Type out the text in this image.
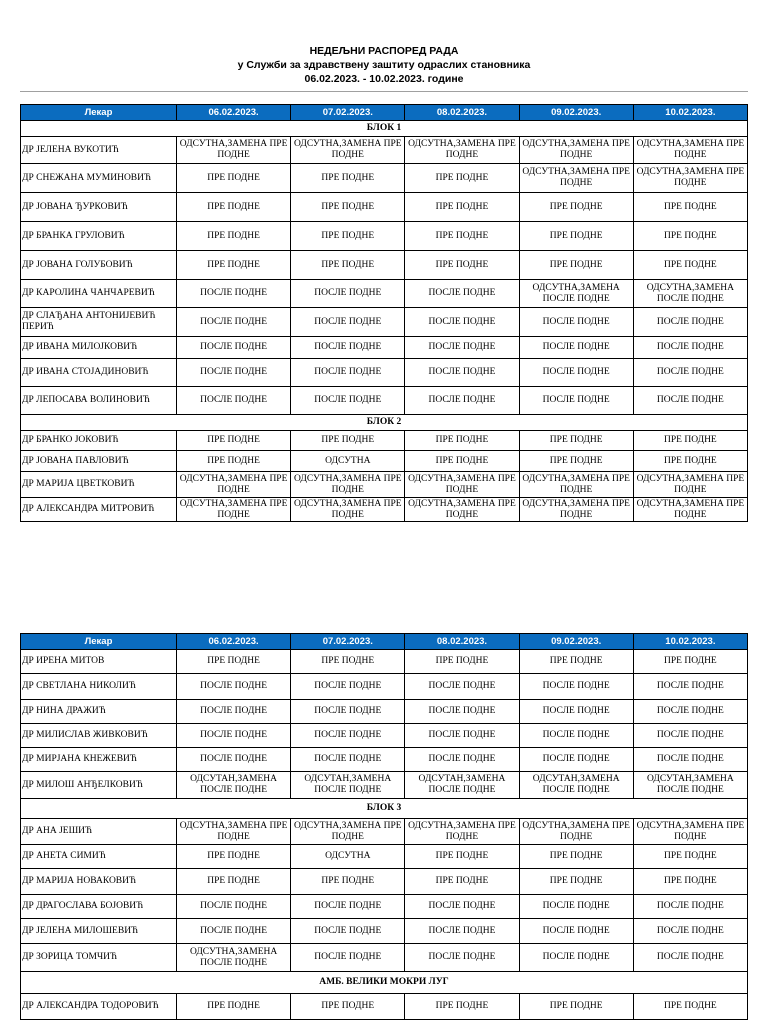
НЕДЕЉНИ РАСПОРЕД РАДА
у Служби за здравствену заштиту одраслих становника
06.02.2023. - 10.02.2023. године
Лекар	06.02.2023.	07.02.2023.	08.02.2023.	09.02.2023.	10.02.2023.
БЛОК 1					
ДР ЈЕЛЕНА ВУКОТИЋ	ОДСУТНА,ЗАМЕНА ПРЕ ПОДНЕ	ОДСУТНА,ЗАМЕНА ПРЕ ПОДНЕ	ОДСУТНА,ЗАМЕНА ПРЕ ПОДНЕ	ОДСУТНА,ЗАМЕНА ПРЕ ПОДНЕ	ОДСУТНА,ЗАМЕНА ПРЕ ПОДНЕ
ДР СНЕЖАНА МУМИНОВИЋ	ПРЕ ПОДНЕ	ПРЕ ПОДНЕ	ПРЕ ПОДНЕ	ОДСУТНА,ЗАМЕНА ПРЕ ПОДНЕ	ОДСУТНА,ЗАМЕНА ПРЕ ПОДНЕ
ДР ЈОВАНА ЂУРКОВИЋ	ПРЕ ПОДНЕ	ПРЕ ПОДНЕ	ПРЕ ПОДНЕ	ПРЕ ПОДНЕ	ПРЕ ПОДНЕ
ДР БРАНКА ГРУЛОВИЋ	ПРЕ ПОДНЕ	ПРЕ ПОДНЕ	ПРЕ ПОДНЕ	ПРЕ ПОДНЕ	ПРЕ ПОДНЕ
ДР ЈОВАНА ГОЛУБОВИЋ	ПРЕ ПОДНЕ	ПРЕ ПОДНЕ	ПРЕ ПОДНЕ	ПРЕ ПОДНЕ	ПРЕ ПОДНЕ
ДР КАРОЛИНА ЧАНЧАРЕВИЋ	ПОСЛЕ ПОДНЕ	ПОСЛЕ ПОДНЕ	ПОСЛЕ ПОДНЕ	ОДСУТНА,ЗАМЕНА ПОСЛЕ ПОДНЕ	ОДСУТНА,ЗАМЕНА ПОСЛЕ ПОДНЕ
ДР СЛАЂАНА АНТОНИЈЕВИЋ ПЕРИЋ	ПОСЛЕ ПОДНЕ	ПОСЛЕ ПОДНЕ	ПОСЛЕ ПОДНЕ	ПОСЛЕ ПОДНЕ	ПОСЛЕ ПОДНЕ
ДР ИВАНА МИЛОЈКОВИЋ	ПОСЛЕ ПОДНЕ	ПОСЛЕ ПОДНЕ	ПОСЛЕ ПОДНЕ	ПОСЛЕ ПОДНЕ	ПОСЛЕ ПОДНЕ
ДР ИВАНА СТОЈАДИНОВИЋ	ПОСЛЕ ПОДНЕ	ПОСЛЕ ПОДНЕ	ПОСЛЕ ПОДНЕ	ПОСЛЕ ПОДНЕ	ПОСЛЕ ПОДНЕ
ДР ЛЕПОСАВА ВОЛИНОВИЋ	ПОСЛЕ ПОДНЕ	ПОСЛЕ ПОДНЕ	ПОСЛЕ ПОДНЕ	ПОСЛЕ ПОДНЕ	ПОСЛЕ ПОДНЕ
БЛОК 2					
ДР БРАНКО ЈОКОВИЋ	ПРЕ ПОДНЕ	ПРЕ ПОДНЕ	ПРЕ ПОДНЕ	ПРЕ ПОДНЕ	ПРЕ ПОДНЕ
ДР ЈОВАНА ПАВЛОВИЋ	ПРЕ ПОДНЕ	ОДСУТНА	ПРЕ ПОДНЕ	ПРЕ ПОДНЕ	ПРЕ ПОДНЕ
ДР МАРИЈА ЦВЕТКОВИЋ	ОДСУТНА,ЗАМЕНА ПРЕ ПОДНЕ	ОДСУТНА,ЗАМЕНА ПРЕ ПОДНЕ	ОДСУТНА,ЗАМЕНА ПРЕ ПОДНЕ	ОДСУТНА,ЗАМЕНА ПРЕ ПОДНЕ	ОДСУТНА,ЗАМЕНА ПРЕ ПОДНЕ
ДР АЛЕКСАНДРА МИТРОВИЋ	ОДСУТНА,ЗАМЕНА ПРЕ ПОДНЕ	ОДСУТНА,ЗАМЕНА ПРЕ ПОДНЕ	ОДСУТНА,ЗАМЕНА ПРЕ ПОДНЕ	ОДСУТНА,ЗАМЕНА ПРЕ ПОДНЕ	ОДСУТНА,ЗАМЕНА ПРЕ ПОДНЕ
Лекар	06.02.2023.	07.02.2023.	08.02.2023.	09.02.2023.	10.02.2023.
ДР ИРЕНА МИТОВ	ПРЕ ПОДНЕ	ПРЕ ПОДНЕ	ПРЕ ПОДНЕ	ПРЕ ПОДНЕ	ПРЕ ПОДНЕ
ДР СВЕТЛАНА НИКОЛИЋ	ПОСЛЕ ПОДНЕ	ПОСЛЕ ПОДНЕ	ПОСЛЕ ПОДНЕ	ПОСЛЕ ПОДНЕ	ПОСЛЕ ПОДНЕ
ДР НИНА ДРАЖИЋ	ПОСЛЕ ПОДНЕ	ПОСЛЕ ПОДНЕ	ПОСЛЕ ПОДНЕ	ПОСЛЕ ПОДНЕ	ПОСЛЕ ПОДНЕ
ДР МИЛИСЛАВ ЖИВКОВИЋ	ПОСЛЕ ПОДНЕ	ПОСЛЕ ПОДНЕ	ПОСЛЕ ПОДНЕ	ПОСЛЕ ПОДНЕ	ПОСЛЕ ПОДНЕ
ДР МИРЈАНА КНЕЖЕВИЋ	ПОСЛЕ ПОДНЕ	ПОСЛЕ ПОДНЕ	ПОСЛЕ ПОДНЕ	ПОСЛЕ ПОДНЕ	ПОСЛЕ ПОДНЕ
ДР МИЛОШ АНЂЕЛКОВИЋ	ОДСУТАН,ЗАМЕНА ПОСЛЕ ПОДНЕ	ОДСУТАН,ЗАМЕНА ПОСЛЕ ПОДНЕ	ОДСУТАН,ЗАМЕНА ПОСЛЕ ПОДНЕ	ОДСУТАН,ЗАМЕНА ПОСЛЕ ПОДНЕ	ОДСУТАН,ЗАМЕНА ПОСЛЕ ПОДНЕ
БЛОК 3					
ДР АНА ЈЕШИЋ	ОДСУТНА,ЗАМЕНА ПРЕ ПОДНЕ	ОДСУТНА,ЗАМЕНА ПРЕ ПОДНЕ	ОДСУТНА,ЗАМЕНА ПРЕ ПОДНЕ	ОДСУТНА,ЗАМЕНА ПРЕ ПОДНЕ	ОДСУТНА,ЗАМЕНА ПРЕ ПОДНЕ
ДР АНЕТА СИМИЋ	ПРЕ ПОДНЕ	ОДСУТНА	ПРЕ ПОДНЕ	ПРЕ ПОДНЕ	ПРЕ ПОДНЕ
ДР МАРИЈА НОВАКОВИЋ	ПРЕ ПОДНЕ	ПРЕ ПОДНЕ	ПРЕ ПОДНЕ	ПРЕ ПОДНЕ	ПРЕ ПОДНЕ
ДР ДРАГОСЛАВА БОЈОВИЋ	ПОСЛЕ ПОДНЕ	ПОСЛЕ ПОДНЕ	ПОСЛЕ ПОДНЕ	ПОСЛЕ ПОДНЕ	ПОСЛЕ ПОДНЕ
ДР ЈЕЛЕНА МИЛОШЕВИЋ	ПОСЛЕ ПОДНЕ	ПОСЛЕ ПОДНЕ	ПОСЛЕ ПОДНЕ	ПОСЛЕ ПОДНЕ	ПОСЛЕ ПОДНЕ
ДР ЗОРИЦА ТОМЧИЋ	ОДСУТНА,ЗАМЕНА ПОСЛЕ ПОДНЕ	ПОСЛЕ ПОДНЕ	ПОСЛЕ ПОДНЕ	ПОСЛЕ ПОДНЕ	ПОСЛЕ ПОДНЕ
АМБ. ВЕЛИКИ МОКРИ ЛУГ					
ДР АЛЕКСАНДРА ТОДОРОВИЋ	ПРЕ ПОДНЕ	ПРЕ ПОДНЕ	ПРЕ ПОДНЕ	ПРЕ ПОДНЕ	ПРЕ ПОДНЕ
